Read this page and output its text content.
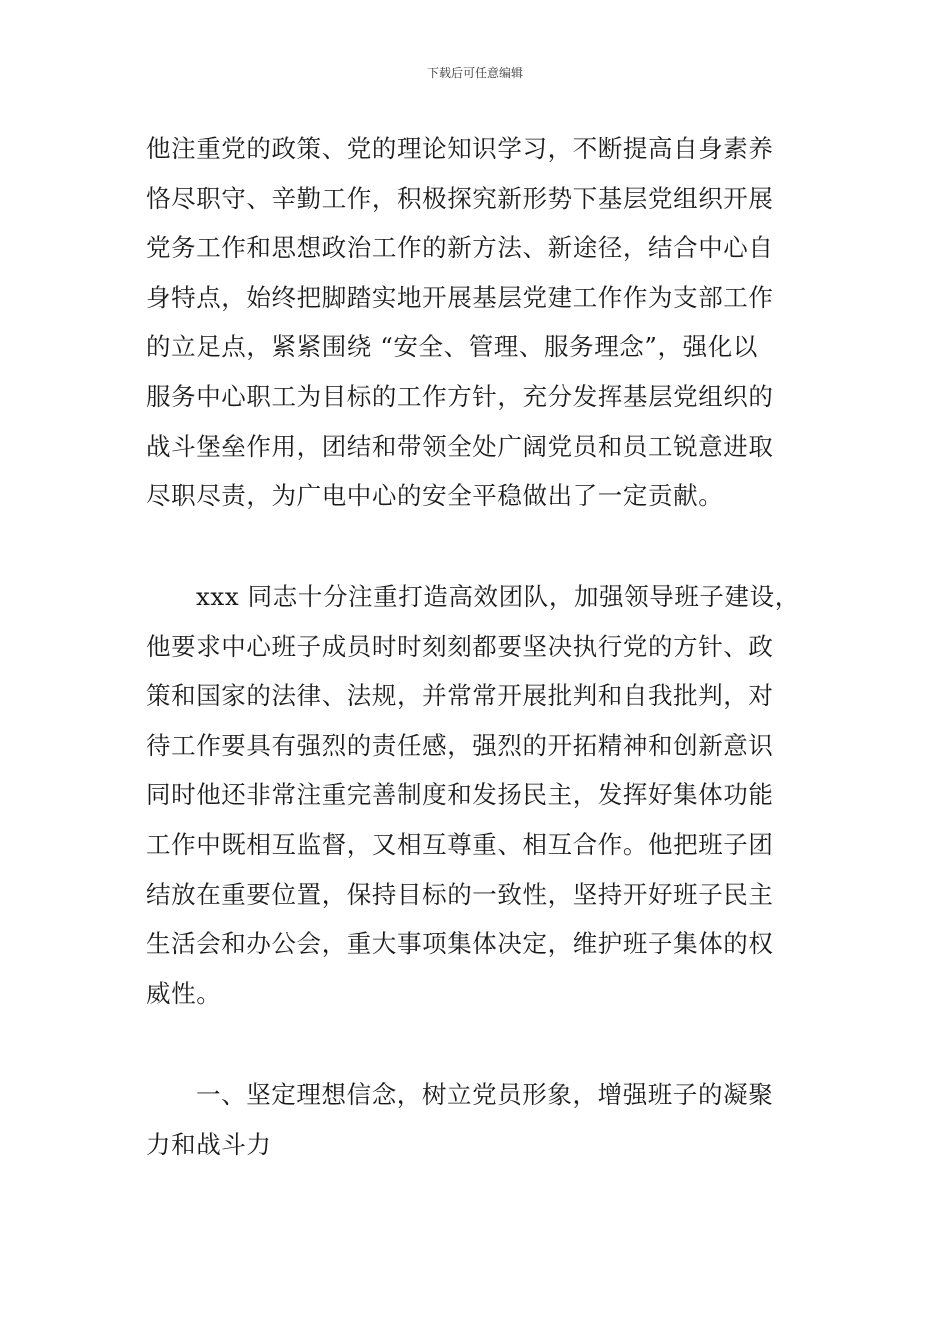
下载后可任意编辑
他注重党的政策、党的理论知识学习，不断提高自身素养
恪尽职守、辛勤工作，积极探究新形势下基层党组织开展
党务工作和思想政治工作的新方法、新途径，结合中心自
身特点，始终把脚踏实地开展基层党建工作作为支部工作
的立足点，紧紧围绕 “安全、管理、服务理念”，强化以
服务中心职工为目标的工作方针，充分发挥基层党组织的
战斗堡垒作用，团结和带领全处广阔党员和员工锐意进取
尽职尽责，为广电中心的安全平稳做出了一定贡献。
xxx 同志十分注重打造高效团队，加强领导班子建设，
他要求中心班子成员时时刻刻都要坚决执行党的方针、政
策和国家的法律、法规，并常常开展批判和自我批判，对
待工作要具有强烈的责任感，强烈的开拓精神和创新意识
同时他还非常注重完善制度和发扬民主，发挥好集体功能
工作中既相互监督，又相互尊重、相互合作。他把班子团
结放在重要位置，保持目标的一致性，坚持开好班子民主
生活会和办公会，重大事项集体决定，维护班子集体的权
威性。
一、坚定理想信念，树立党员形象，增强班子的凝聚
力和战斗力
